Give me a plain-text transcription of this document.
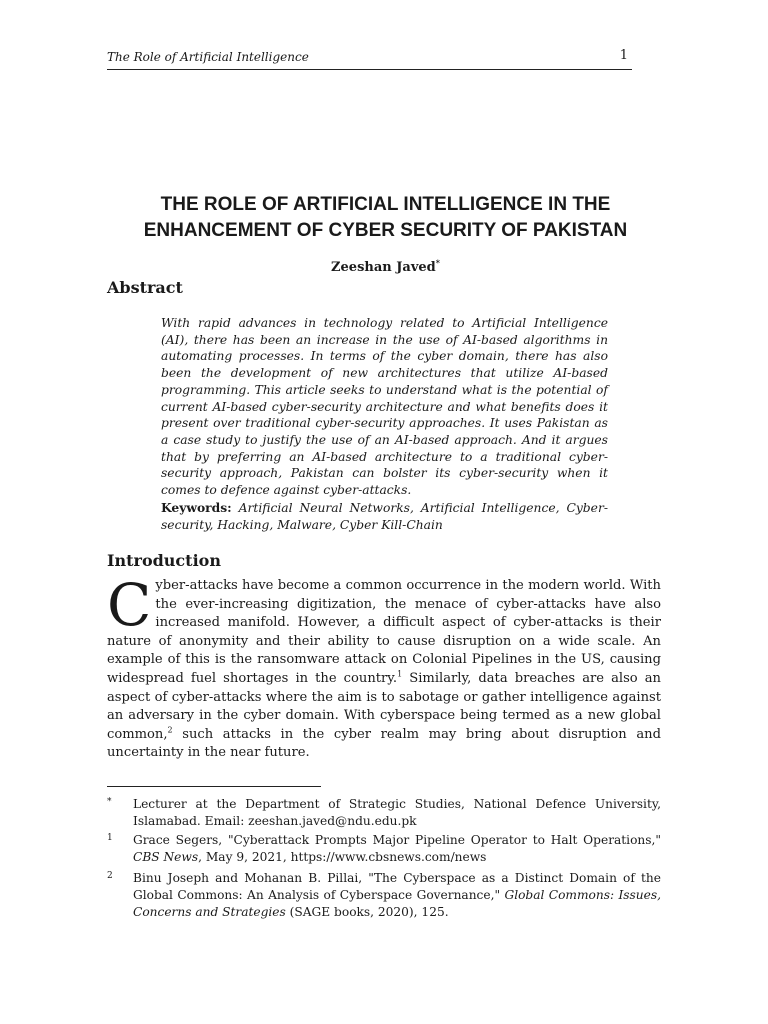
The Role of Artificial Intelligence	1
THE ROLE OF ARTIFICIAL INTELLIGENCE IN THE
ENHANCEMENT OF CYBER SECURITY OF PAKISTAN
Zeeshan Javed*
Abstract
With rapid advances in technology related to Artificial Intelligence (AI), there has been an increase in the use of AI-based algorithms in automating processes. In terms of the cyber domain, there has also been the development of new architectures that utilize AI-based programming. This article seeks to understand what is the potential of current AI-based cyber-security architecture and what benefits does it present over traditional cyber-security approaches. It uses Pakistan as a case study to justify the use of an AI-based approach. And it argues that by preferring an AI-based architecture to a traditional cyber-security approach, Pakistan can bolster its cyber-security when it comes to defence against cyber-attacks.
Keywords: Artificial Neural Networks, Artificial Intelligence, Cyber-security, Hacking, Malware, Cyber Kill-Chain
Introduction
Cyber-attacks have become a common occurrence in the modern world. With the ever-increasing digitization, the menace of cyber-attacks have also increased manifold. However, a difficult aspect of cyber-attacks is their nature of anonymity and their ability to cause disruption on a wide scale. An example of this is the ransomware attack on Colonial Pipelines in the US, causing widespread fuel shortages in the country.$^1$ Similarly, data breaches are also an aspect of cyber-attacks where the aim is to sabotage or gather intelligence against an adversary in the cyber domain. With cyberspace being termed as a new global common,$^2$ such attacks in the cyber realm may bring about disruption and uncertainty in the near future.
* Lecturer at the Department of Strategic Studies, National Defence University, Islamabad. Email: zeeshan.javed@ndu.edu.pk
1 Grace Segers, "Cyberattack Prompts Major Pipeline Operator to Halt Operations," CBS News, May 9, 2021, https://www.cbsnews.com/news
2 Binu Joseph and Mohanan B. Pillai, "The Cyberspace as a Distinct Domain of the Global Commons: An Analysis of Cyberspace Governance," Global Commons: Issues, Concerns and Strategies (SAGE books, 2020), 125.
